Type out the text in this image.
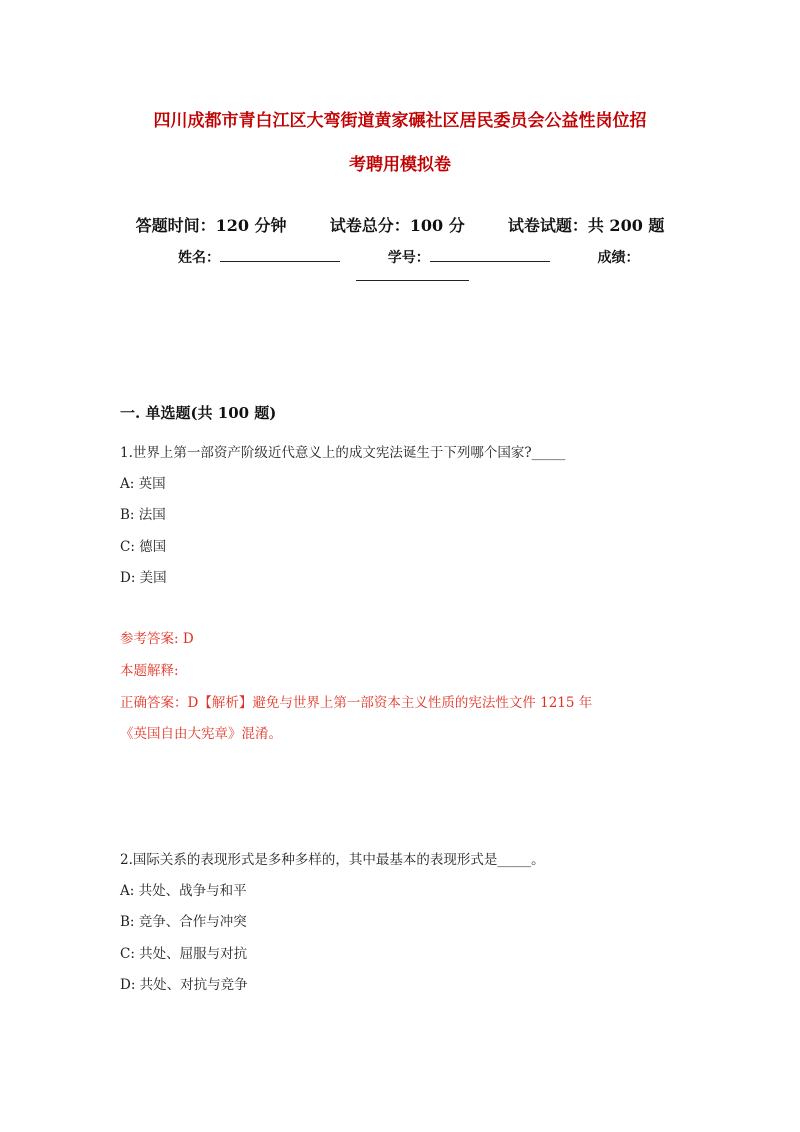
四川成都市青白江区大弯街道黄家碾社区居民委员会公益性岗位招
考聘用模拟卷
答题时间：120 分钟	试卷总分：100 分	试卷试题：共 200 题
姓名：	学号：	成绩：
一. 单选题(共 100 题)
1.世界上第一部资产阶级近代意义上的成文宪法诞生于下列哪个国家?_____
A: 英国
B: 法国
C: 德国
D: 美国
参考答案: D
本题解释:
正确答案：D【解析】避免与世界上第一部资本主义性质的宪法性文件 1215 年
《英国自由大宪章》混淆。
2.国际关系的表现形式是多种多样的，其中最基本的表现形式是_____。
A: 共处、战争与和平
B: 竞争、合作与冲突
C: 共处、屈服与对抗
D: 共处、对抗与竞争
